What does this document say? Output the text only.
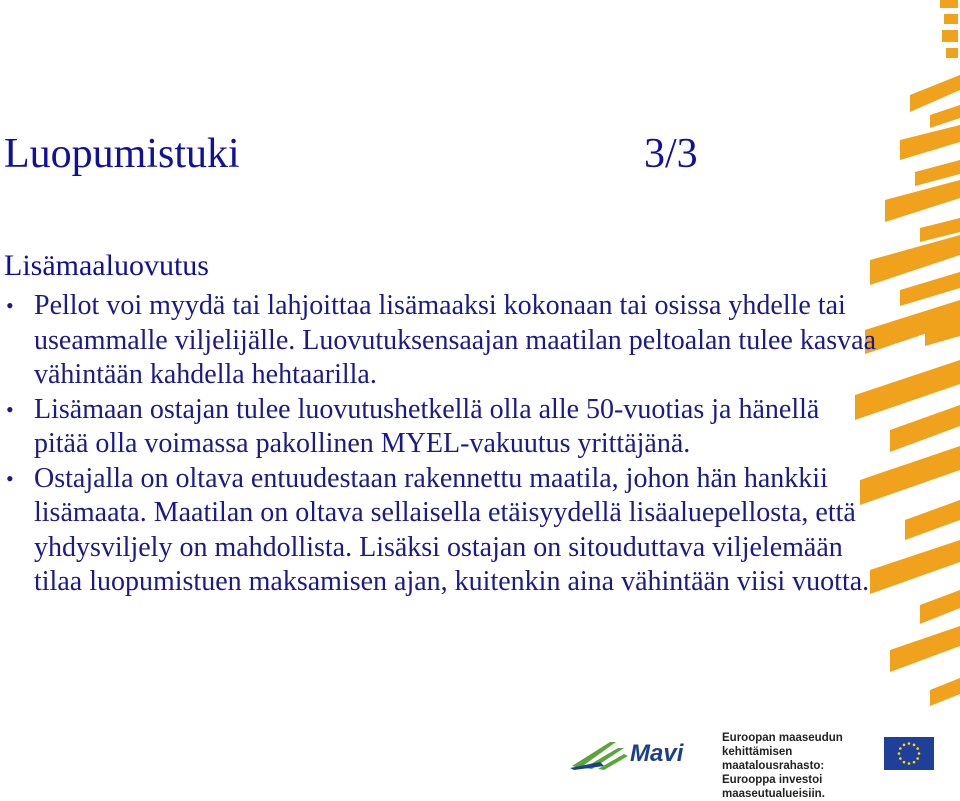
Luopumistuki	3/3
Lisämaaluovutus
• Pellot voi myydä tai lahjoittaa lisämaaksi kokonaan tai osissa yhdelle tai useammalle viljelijälle. Luovutuksensaajan maatilan peltoalan tulee kasvaa vähintään kahdella hehtaarilla.
• Lisämaan ostajan tulee luovutushetkellä olla alle 50-vuotias ja hänellä pitää olla voimassa pakollinen MYEL-vakuutus yrittäjänä.
• Ostajalla on oltava entuudestaan rakennettu maatila, johon hän hankkii lisämaata. Maatilan on oltava sellaisella etäisyydellä lisäaluepellosta, että yhdysviljely on mahdollista. Lisäksi ostajan on sitouduttava viljelemään tilaa luopumistuen maksamisen ajan, kuitenkin aina vähintään viisi vuotta.
Mavi
Euroopan maaseudun
kehittämisen maatalousrahasto:
Eurooppa investoi maaseutualueisiin.
